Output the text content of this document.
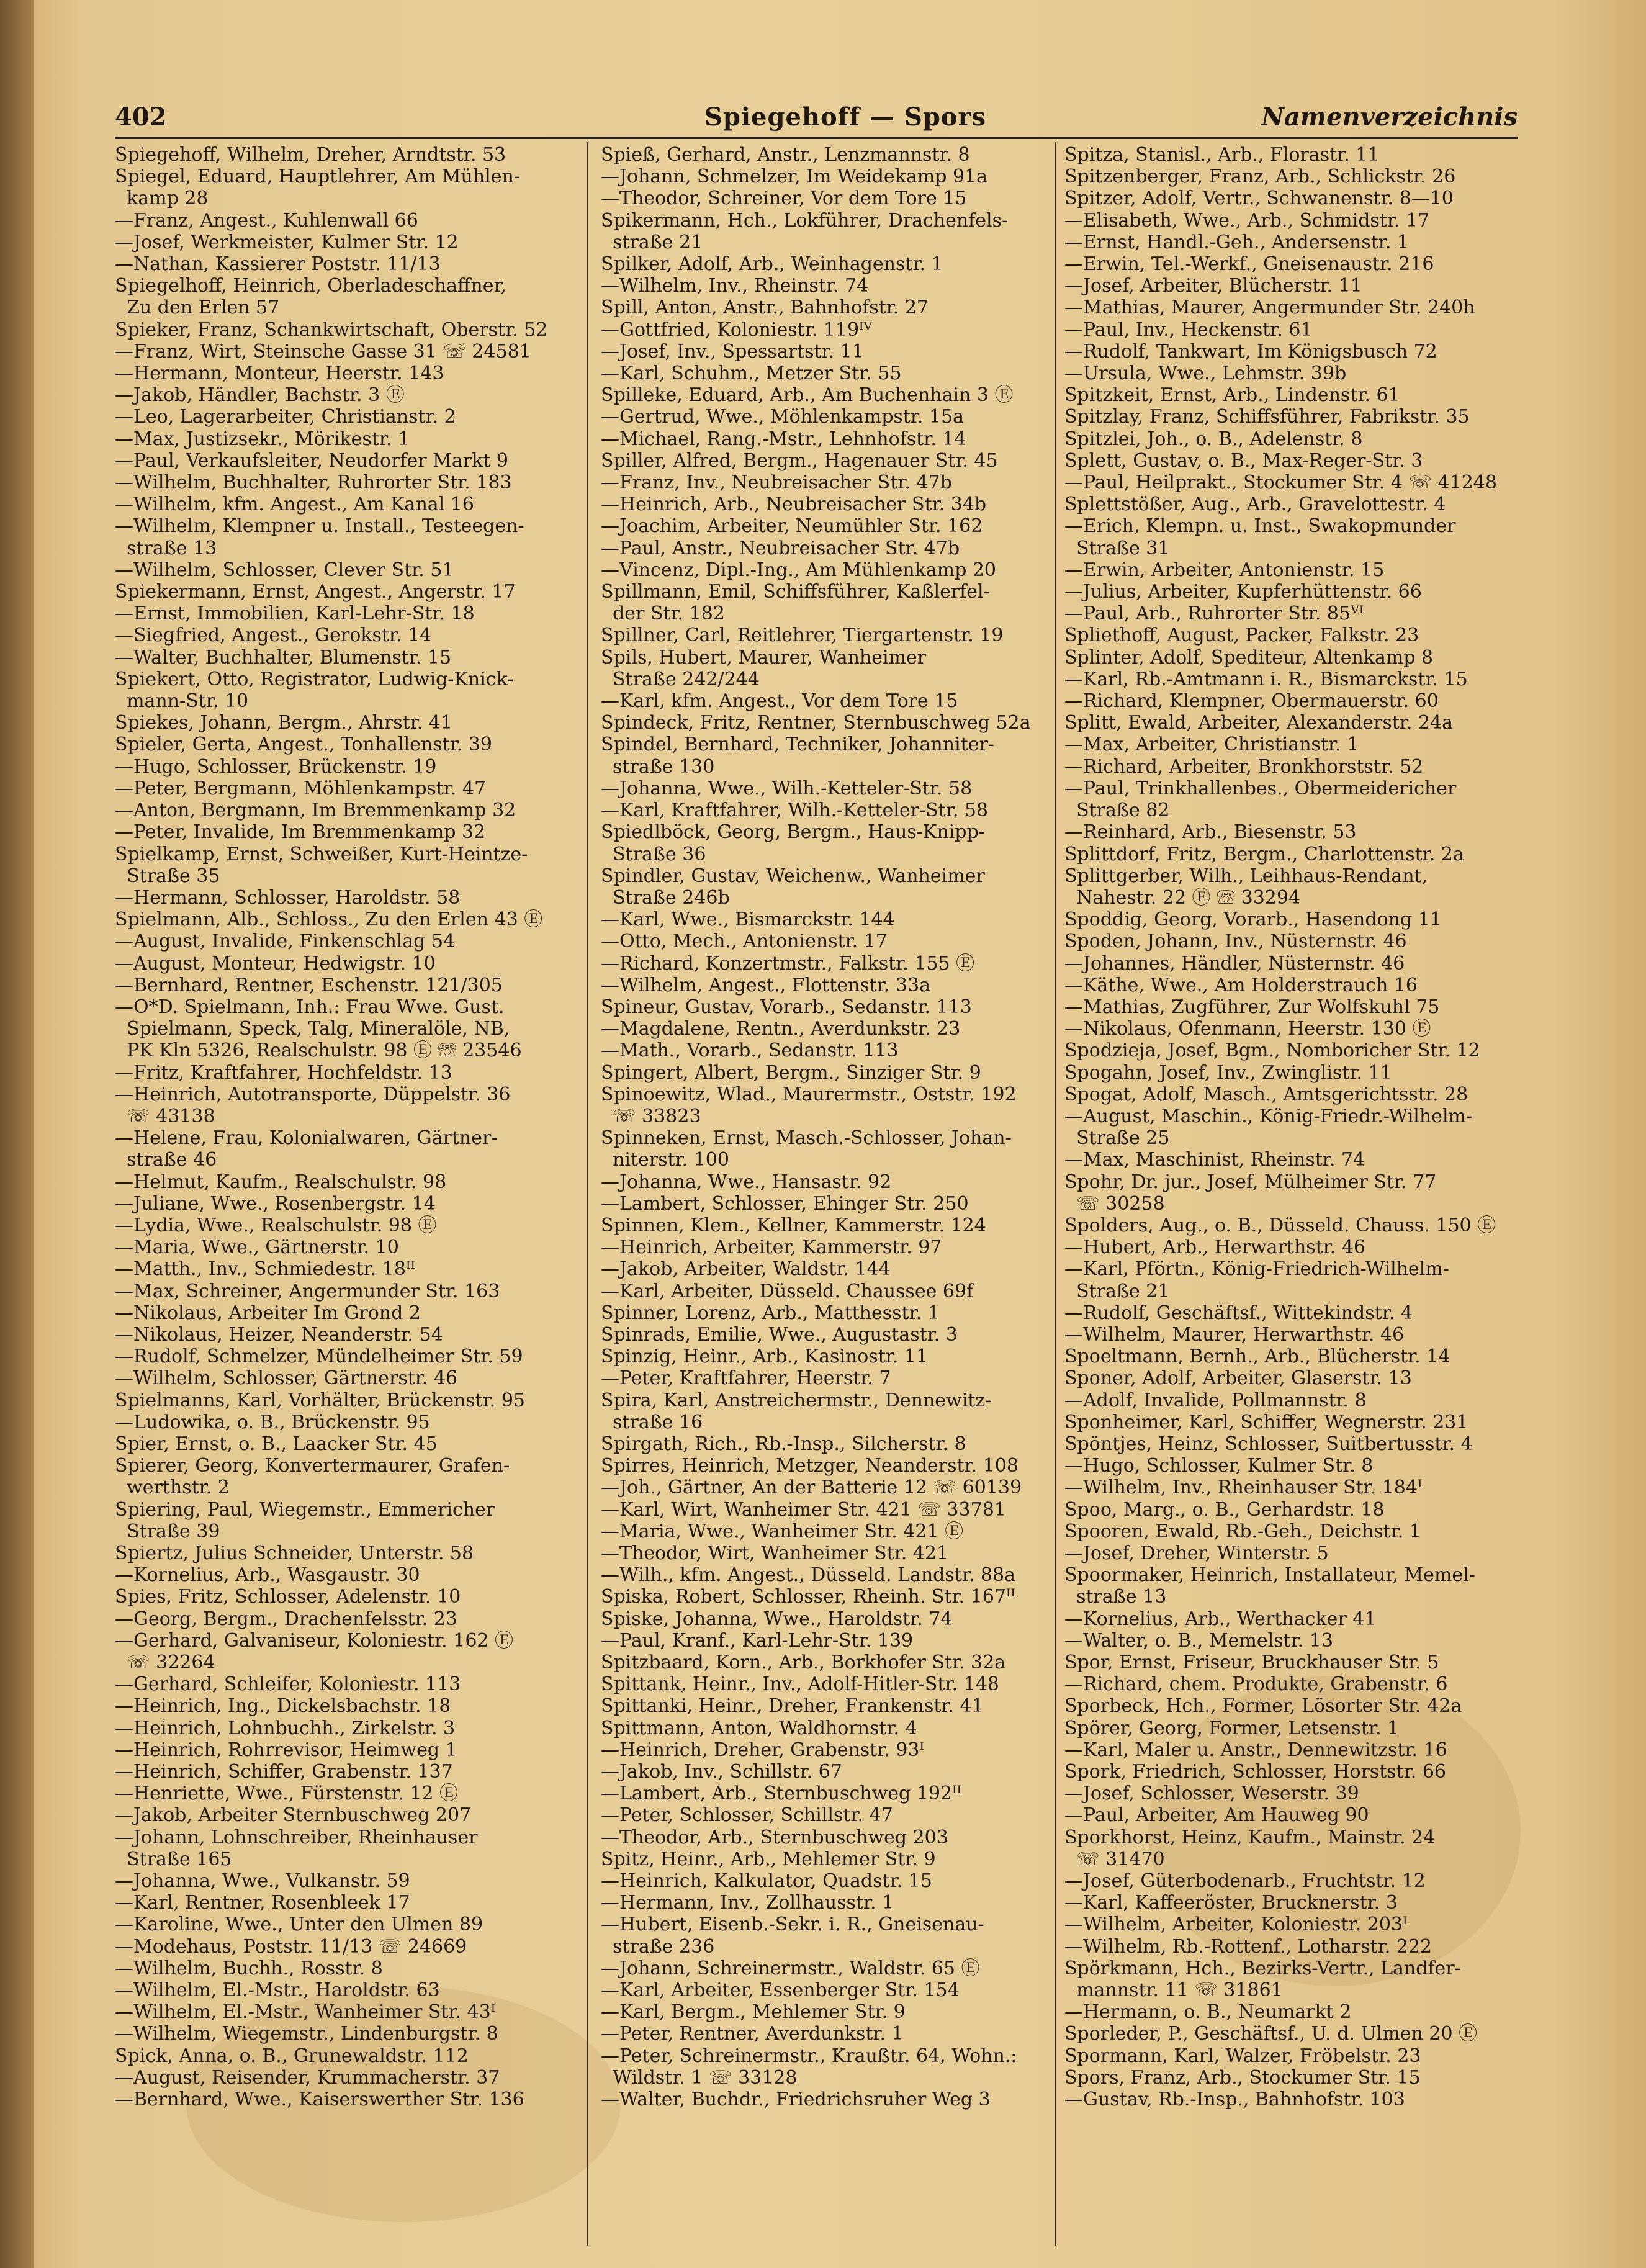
402	Spiegehoff — Spors	Namenverzeichnis
Spiegehoff, Wilhelm, Dreher, Arndtstr. 53
Spiegel, Eduard, Hauptlehrer, Am Mühlen-
kamp 28
—Franz, Angest., Kuhlenwall 66
—Josef, Werkmeister, Kulmer Str. 12
—Nathan, Kassierer Poststr. 11/13
Spiegelhoff, Heinrich, Oberladeschaffner,
Zu den Erlen 57
Spieker, Franz, Schankwirtschaft, Oberstr. 52
—Franz, Wirt, Steinsche Gasse 31 ☏ 24581
—Hermann, Monteur, Heerstr. 143
—Jakob, Händler, Bachstr. 3 Ⓔ
—Leo, Lagerarbeiter, Christianstr. 2
—Max, Justizsekr., Mörikestr. 1
—Paul, Verkaufsleiter, Neudorfer Markt 9
—Wilhelm, Buchhalter, Ruhrorter Str. 183
—Wilhelm, kfm. Angest., Am Kanal 16
—Wilhelm, Klempner u. Install., Testeegen-
straße 13
—Wilhelm, Schlosser, Clever Str. 51
Spiekermann, Ernst, Angest., Angerstr. 17
—Ernst, Immobilien, Karl-Lehr-Str. 18
—Siegfried, Angest., Gerokstr. 14
—Walter, Buchhalter, Blumenstr. 15
Spiekert, Otto, Registrator, Ludwig-Knick-
mann-Str. 10
Spiekes, Johann, Bergm., Ahrstr. 41
Spieler, Gerta, Angest., Tonhallenstr. 39
—Hugo, Schlosser, Brückenstr. 19
—Peter, Bergmann, Möhlenkampstr. 47
—Anton, Bergmann, Im Bremmenkamp 32
—Peter, Invalide, Im Bremmenkamp 32
Spielkamp, Ernst, Schweißer, Kurt-Heintze-
Straße 35
—Hermann, Schlosser, Haroldstr. 58
Spielmann, Alb., Schloss., Zu den Erlen 43 Ⓔ
—August, Invalide, Finkenschlag 54
—August, Monteur, Hedwigstr. 10
—Bernhard, Rentner, Eschenstr. 121/305
—O*D. Spielmann, Inh.: Frau Wwe. Gust.
Spielmann, Speck, Talg, Mineralöle, NB,
PK Kln 5326, Realschulstr. 98 Ⓔ ☏ 23546
—Fritz, Kraftfahrer, Hochfeldstr. 13
—Heinrich, Autotransporte, Düppelstr. 36
☏ 43138
—Helene, Frau, Kolonialwaren, Gärtner-
straße 46
—Helmut, Kaufm., Realschulstr. 98
—Juliane, Wwe., Rosenbergstr. 14
—Lydia, Wwe., Realschulstr. 98 Ⓔ
—Maria, Wwe., Gärtnerstr. 10
—Matth., Inv., Schmiedestr. 18ᴵᴵ
—Max, Schreiner, Angermunder Str. 163
—Nikolaus, Arbeiter Im Grond 2
—Nikolaus, Heizer, Neanderstr. 54
—Rudolf, Schmelzer, Mündelheimer Str. 59
—Wilhelm, Schlosser, Gärtnerstr. 46
Spielmanns, Karl, Vorhälter, Brückenstr. 95
—Ludowika, o. B., Brückenstr. 95
Spier, Ernst, o. B., Laacker Str. 45
Spierer, Georg, Konvertermaurer, Grafen-
werthstr. 2
Spiering, Paul, Wiegemstr., Emmericher
Straße 39
Spiertz, Julius Schneider, Unterstr. 58
—Kornelius, Arb., Wasgaustr. 30
Spies, Fritz, Schlosser, Adelenstr. 10
—Georg, Bergm., Drachenfelsstr. 23
—Gerhard, Galvaniseur, Koloniestr. 162 Ⓔ
☏ 32264
—Gerhard, Schleifer, Koloniestr. 113
—Heinrich, Ing., Dickelsbachstr. 18
—Heinrich, Lohnbuchh., Zirkelstr. 3
—Heinrich, Rohrrevisor, Heimweg 1
—Heinrich, Schiffer, Grabenstr. 137
—Henriette, Wwe., Fürstenstr. 12 Ⓔ
—Jakob, Arbeiter Sternbuschweg 207
—Johann, Lohnschreiber, Rheinhauser
Straße 165
—Johanna, Wwe., Vulkanstr. 59
—Karl, Rentner, Rosenbleek 17
—Karoline, Wwe., Unter den Ulmen 89
—Modehaus, Poststr. 11/13 ☏ 24669
—Wilhelm, Buchh., Rosstr. 8
—Wilhelm, El.-Mstr., Haroldstr. 63
—Wilhelm, El.-Mstr., Wanheimer Str. 43ᴵ
—Wilhelm, Wiegemstr., Lindenburgstr. 8
Spick, Anna, o. B., Grunewaldstr. 112
—August, Reisender, Krummacherstr. 37
—Bernhard, Wwe., Kaiserswerther Str. 136
Spieß, Gerhard, Anstr., Lenzmannstr. 8
—Johann, Schmelzer, Im Weidekamp 91a
—Theodor, Schreiner, Vor dem Tore 15
Spikermann, Hch., Lokführer, Drachenfels-
straße 21
Spilker, Adolf, Arb., Weinhagenstr. 1
—Wilhelm, Inv., Rheinstr. 74
Spill, Anton, Anstr., Bahnhofstr. 27
—Gottfried, Koloniestr. 119ᴵⱽ
—Josef, Inv., Spessartstr. 11
—Karl, Schuhm., Metzer Str. 55
Spilleke, Eduard, Arb., Am Buchenhain 3 Ⓔ
—Gertrud, Wwe., Möhlenkampstr. 15a
—Michael, Rang.-Mstr., Lehnhofstr. 14
Spiller, Alfred, Bergm., Hagenauer Str. 45
—Franz, Inv., Neubreisacher Str. 47b
—Heinrich, Arb., Neubreisacher Str. 34b
—Joachim, Arbeiter, Neumühler Str. 162
—Paul, Anstr., Neubreisacher Str. 47b
—Vincenz, Dipl.-Ing., Am Mühlenkamp 20
Spillmann, Emil, Schiffsführer, Kaßlerfel-
der Str. 182
Spillner, Carl, Reitlehrer, Tiergartenstr. 19
Spils, Hubert, Maurer, Wanheimer
Straße 242/244
—Karl, kfm. Angest., Vor dem Tore 15
Spindeck, Fritz, Rentner, Sternbuschweg 52a
Spindel, Bernhard, Techniker, Johanniter-
straße 130
—Johanna, Wwe., Wilh.-Ketteler-Str. 58
—Karl, Kraftfahrer, Wilh.-Ketteler-Str. 58
Spiedlböck, Georg, Bergm., Haus-Knipp-
Straße 36
Spindler, Gustav, Weichenw., Wanheimer
Straße 246b
—Karl, Wwe., Bismarckstr. 144
—Otto, Mech., Antonienstr. 17
—Richard, Konzertmstr., Falkstr. 155 Ⓔ
—Wilhelm, Angest., Flottenstr. 33a
Spineur, Gustav, Vorarb., Sedanstr. 113
—Magdalene, Rentn., Averdunkstr. 23
—Math., Vorarb., Sedanstr. 113
Spingert, Albert, Bergm., Sinziger Str. 9
Spinoewitz, Wlad., Maurermstr., Oststr. 192
☏ 33823
Spinneken, Ernst, Masch.-Schlosser, Johan-
niterstr. 100
—Johanna, Wwe., Hansastr. 92
—Lambert, Schlosser, Ehinger Str. 250
Spinnen, Klem., Kellner, Kammerstr. 124
—Heinrich, Arbeiter, Kammerstr. 97
—Jakob, Arbeiter, Waldstr. 144
—Karl, Arbeiter, Düsseld. Chaussee 69f
Spinner, Lorenz, Arb., Matthesstr. 1
Spinrads, Emilie, Wwe., Augustastr. 3
Spinzig, Heinr., Arb., Kasinostr. 11
—Peter, Kraftfahrer, Heerstr. 7
Spira, Karl, Anstreichermstr., Dennewitz-
straße 16
Spirgath, Rich., Rb.-Insp., Silcherstr. 8
Spirres, Heinrich, Metzger, Neanderstr. 108
—Joh., Gärtner, An der Batterie 12 ☏ 60139
—Karl, Wirt, Wanheimer Str. 421 ☏ 33781
—Maria, Wwe., Wanheimer Str. 421 Ⓔ
—Theodor, Wirt, Wanheimer Str. 421
—Wilh., kfm. Angest., Düsseld. Landstr. 88a
Spiska, Robert, Schlosser, Rheinh. Str. 167ᴵᴵ
Spiske, Johanna, Wwe., Haroldstr. 74
—Paul, Kranf., Karl-Lehr-Str. 139
Spitzbaard, Korn., Arb., Borkhofer Str. 32a
Spittank, Heinr., Inv., Adolf-Hitler-Str. 148
Spittanki, Heinr., Dreher, Frankenstr. 41
Spittmann, Anton, Waldhornstr. 4
—Heinrich, Dreher, Grabenstr. 93ᴵ
—Jakob, Inv., Schillstr. 67
—Lambert, Arb., Sternbuschweg 192ᴵᴵ
—Peter, Schlosser, Schillstr. 47
—Theodor, Arb., Sternbuschweg 203
Spitz, Heinr., Arb., Mehlemer Str. 9
—Heinrich, Kalkulator, Quadstr. 15
—Hermann, Inv., Zollhausstr. 1
—Hubert, Eisenb.-Sekr. i. R., Gneisenau-
straße 236
—Johann, Schreinermstr., Waldstr. 65 Ⓔ
—Karl, Arbeiter, Essenberger Str. 154
—Karl, Bergm., Mehlemer Str. 9
—Peter, Rentner, Averdunkstr. 1
—Peter, Schreinermstr., Kraußtr. 64, Wohn.:
Wildstr. 1 ☏ 33128
—Walter, Buchdr., Friedrichsruher Weg 3
Spitza, Stanisl., Arb., Florastr. 11
Spitzenberger, Franz, Arb., Schlickstr. 26
Spitzer, Adolf, Vertr., Schwanenstr. 8—10
—Elisabeth, Wwe., Arb., Schmidstr. 17
—Ernst, Handl.-Geh., Andersenstr. 1
—Erwin, Tel.-Werkf., Gneisenaustr. 216
—Josef, Arbeiter, Blücherstr. 11
—Mathias, Maurer, Angermunder Str. 240h
—Paul, Inv., Heckenstr. 61
—Rudolf, Tankwart, Im Königsbusch 72
—Ursula, Wwe., Lehmstr. 39b
Spitzkeit, Ernst, Arb., Lindenstr. 61
Spitzlay, Franz, Schiffsführer, Fabrikstr. 35
Spitzlei, Joh., o. B., Adelenstr. 8
Splett, Gustav, o. B., Max-Reger-Str. 3
—Paul, Heilprakt., Stockumer Str. 4 ☏ 41248
Splettstößer, Aug., Arb., Gravelottestr. 4
—Erich, Klempn. u. Inst., Swakopmunder
Straße 31
—Erwin, Arbeiter, Antonienstr. 15
—Julius, Arbeiter, Kupferhüttenstr. 66
—Paul, Arb., Ruhrorter Str. 85ⱽᴵ
Spliethoff, August, Packer, Falkstr. 23
Splinter, Adolf, Spediteur, Altenkamp 8
—Karl, Rb.-Amtmann i. R., Bismarckstr. 15
—Richard, Klempner, Obermauerstr. 60
Splitt, Ewald, Arbeiter, Alexanderstr. 24a
—Max, Arbeiter, Christianstr. 1
—Richard, Arbeiter, Bronkhorststr. 52
—Paul, Trinkhallenbes., Obermeidericher
Straße 82
—Reinhard, Arb., Biesenstr. 53
Splittdorf, Fritz, Bergm., Charlottenstr. 2a
Splittgerber, Wilh., Leihhaus-Rendant,
Nahestr. 22 Ⓔ ☏ 33294
Spoddig, Georg, Vorarb., Hasendong 11
Spoden, Johann, Inv., Nüsternstr. 46
—Johannes, Händler, Nüsternstr. 46
—Käthe, Wwe., Am Holderstrauch 16
—Mathias, Zugführer, Zur Wolfskuhl 75
—Nikolaus, Ofenmann, Heerstr. 130 Ⓔ
Spodzieja, Josef, Bgm., Nomboricher Str. 12
Spogahn, Josef, Inv., Zwinglistr. 11
Spogat, Adolf, Masch., Amtsgerichtsstr. 28
—August, Maschin., König-Friedr.-Wilhelm-
Straße 25
—Max, Maschinist, Rheinstr. 74
Spohr, Dr. jur., Josef, Mülheimer Str. 77
☏ 30258
Spolders, Aug., o. B., Düsseld. Chauss. 150 Ⓔ
—Hubert, Arb., Herwarthstr. 46
—Karl, Pförtn., König-Friedrich-Wilhelm-
Straße 21
—Rudolf, Geschäftsf., Wittekindstr. 4
—Wilhelm, Maurer, Herwarthstr. 46
Spoeltmann, Bernh., Arb., Blücherstr. 14
Sponer, Adolf, Arbeiter, Glaserstr. 13
—Adolf, Invalide, Pollmannstr. 8
Sponheimer, Karl, Schiffer, Wegnerstr. 231
Spöntjes, Heinz, Schlosser, Suitbertusstr. 4
—Hugo, Schlosser, Kulmer Str. 8
—Wilhelm, Inv., Rheinhauser Str. 184ᴵ
Spoo, Marg., o. B., Gerhardstr. 18
Spooren, Ewald, Rb.-Geh., Deichstr. 1
—Josef, Dreher, Winterstr. 5
Spoormaker, Heinrich, Installateur, Memel-
straße 13
—Kornelius, Arb., Werthacker 41
—Walter, o. B., Memelstr. 13
Spor, Ernst, Friseur, Bruckhauser Str. 5
—Richard, chem. Produkte, Grabenstr. 6
Sporbeck, Hch., Former, Lösorter Str. 42a
Spörer, Georg, Former, Letsenstr. 1
—Karl, Maler u. Anstr., Dennewitzstr. 16
Spork, Friedrich, Schlosser, Horststr. 66
—Josef, Schlosser, Weserstr. 39
—Paul, Arbeiter, Am Hauweg 90
Sporkhorst, Heinz, Kaufm., Mainstr. 24
☏ 31470
—Josef, Güterbodenarb., Fruchtstr. 12
—Karl, Kaffeeröster, Brucknerstr. 3
—Wilhelm, Arbeiter, Koloniestr. 203ᴵ
—Wilhelm, Rb.-Rottenf., Lotharstr. 222
Spörkmann, Hch., Bezirks-Vertr., Landfer-
mannstr. 11 ☏ 31861
—Hermann, o. B., Neumarkt 2
Sporleder, P., Geschäftsf., U. d. Ulmen 20 Ⓔ
Spormann, Karl, Walzer, Fröbelstr. 23
Spors, Franz, Arb., Stockumer Str. 15
—Gustav, Rb.-Insp., Bahnhofstr. 103
